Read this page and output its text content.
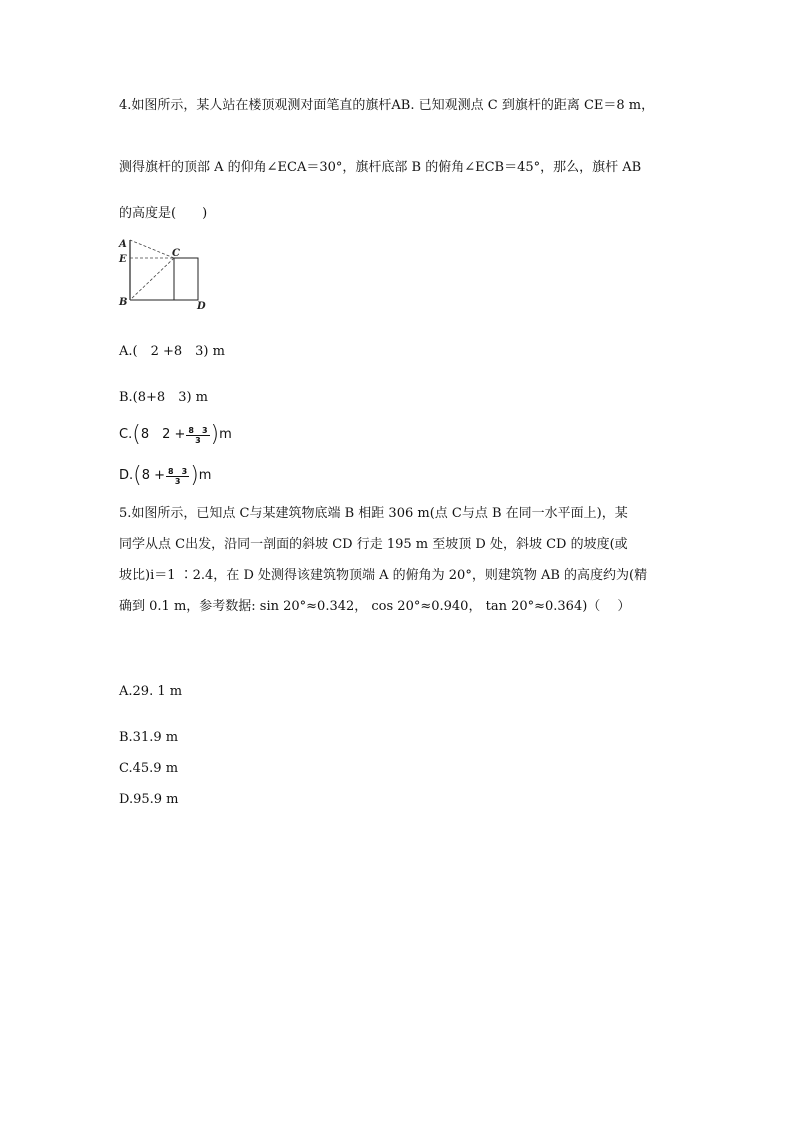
4.如图所示，某人站在楼顶观测对面笔直的旗杆AB. 已知观测点 C 到旗杆的距离 CE＝8 m，
测得旗杆的顶部 A 的仰角∠ECA＝30°，旗杆底部 B 的俯角∠ECB＝45°，那么，旗杆 AB
的高度是(　　)
A
E
B
C
D
A.(　2 +8　3) m
B.(8+8　3) m
C. ( 8　$2 + \frac{8 3}{3}$ ) m
D. ( $8 + \frac{8 3}{3}$ ) m
5.如图所示，已知点 C与某建筑物底端 B 相距 306 m(点 C与点 B 在同一水平面上)，某
同学从点 C出发，沿同一剖面的斜坡 CD 行走 195 m 至坡顶 D 处，斜坡 CD 的坡度(或
坡比)i＝1 ∶2.4，在 D 处测得该建筑物顶端 A 的俯角为 20°，则建筑物 AB 的高度约为(精
确到 0.1 m，参考数据: sin 20°≈0.342， cos 20°≈0.940， tan 20°≈0.364)（　 ）
A.29. 1 m
B.31.9 m
C.45.9 m
D.95.9 m
